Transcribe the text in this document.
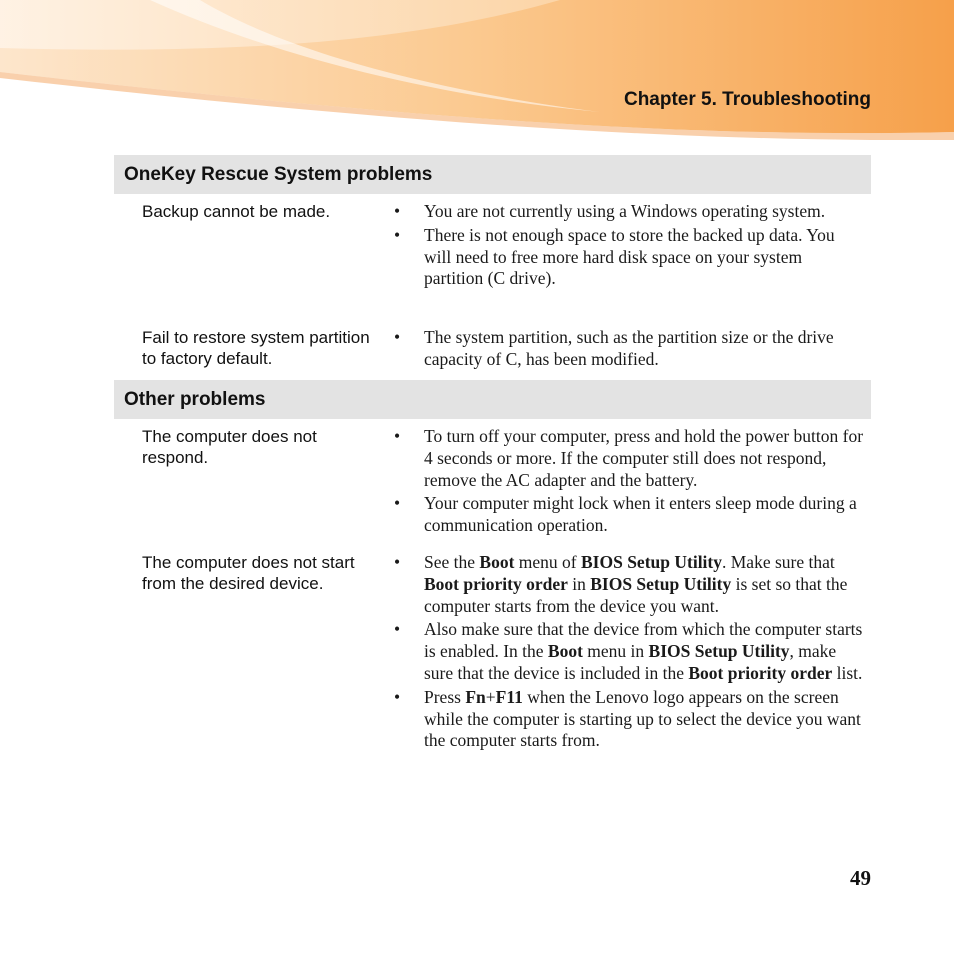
Chapter 5. Troubleshooting
OneKey Rescue System problems
Backup cannot be made.	• You are not currently using a Windows operating system.
• There is not enough space to store the backed up data. You will need to free more hard disk space on your system partition (C drive).
Fail to restore system partition to factory default.
• The system partition, such as the partition size or the drive capacity of C, has been modified.
Other problems
The computer does not respond.
• To turn off your computer, press and hold the power button for 4 seconds or more. If the computer still does not respond, remove the AC adapter and the battery.
• Your computer might lock when it enters sleep mode during a communication operation.
The computer does not start from the desired device.
• See the Boot menu of BIOS Setup Utility. Make sure that Boot priority order in BIOS Setup Utility is set so that the computer starts from the device you want.
• Also make sure that the device from which the computer starts is enabled. In the Boot menu in BIOS Setup Utility, make sure that the device is included in the Boot priority order list.
• Press Fn+F11 when the Lenovo logo appears on the screen while the computer is starting up to select the device you want the computer starts from.
49
